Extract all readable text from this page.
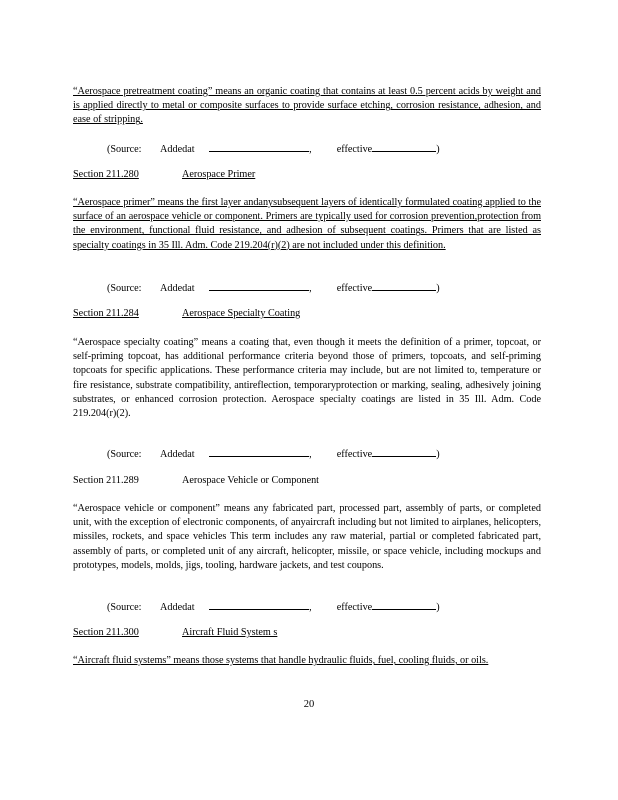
“Aerospace pretreatment coating” means an organic coating that contains at least 0.5 percent acids by weight and is applied directly to metal or composite surfaces to provide surface etching, corrosion resistance, adhesion, and ease of stripping.
(Source: Addedat	,  effective	)
Section 211.280	Aerospace Primer
“Aerospace primer” means the first layer andanysubsequent layers of identically formulated coating applied to the surface of an aerospace vehicle or component. Primers are typically used for corrosion prevention,protection from the environment, functional fluid resistance, and adhesion of subsequent coatings. Primers that are listed as specialty coatings in 35 Ill. Adm. Code 219.204(r)(2) are not included under this definition.
(Source: Addedat	,  effective	)
Section 211.284	Aerospace Specialty Coating
“Aerospace specialty coating” means a coating that, even though it meets the definition of a primer, topcoat, or self-priming topcoat, has additional performance criteria beyond those of primers, topcoats, and self-priming topcoats for specific applications. These performance criteria may include, but are not limited to, temperature or fire resistance, substrate compatibility, antireflection, temporaryprotection or marking, sealing, adhesively joining substrates, or enhanced corrosion protection. Aerospace specialty coatings are listed in 35 Ill. Adm. Code 219.204(r)(2).
(Source: Addedat	,  effective	)
Section 211.289	Aerospace Vehicle or Component
“Aerospace vehicle or component” means any fabricated part, processed part, assembly of parts, or completed unit, with the exception of electronic components, of anyaircraft including but not limited to airplanes, helicopters, missiles, rockets, and space vehicles This term includes any raw material, partial or completed fabricated part, assembly of parts, or completed unit of any aircraft, helicopter, missile, or space vehicle, including mockups and prototypes, models, molds, jigs, tooling, hardware jackets, and test coupons.
(Source: Addedat	,  effective	)
Section 211.300	Aircraft Fluid System s
“Aircraft fluid systems” means those systems that handle hydraulic fluids, fuel, cooling fluids, or oils.
20
